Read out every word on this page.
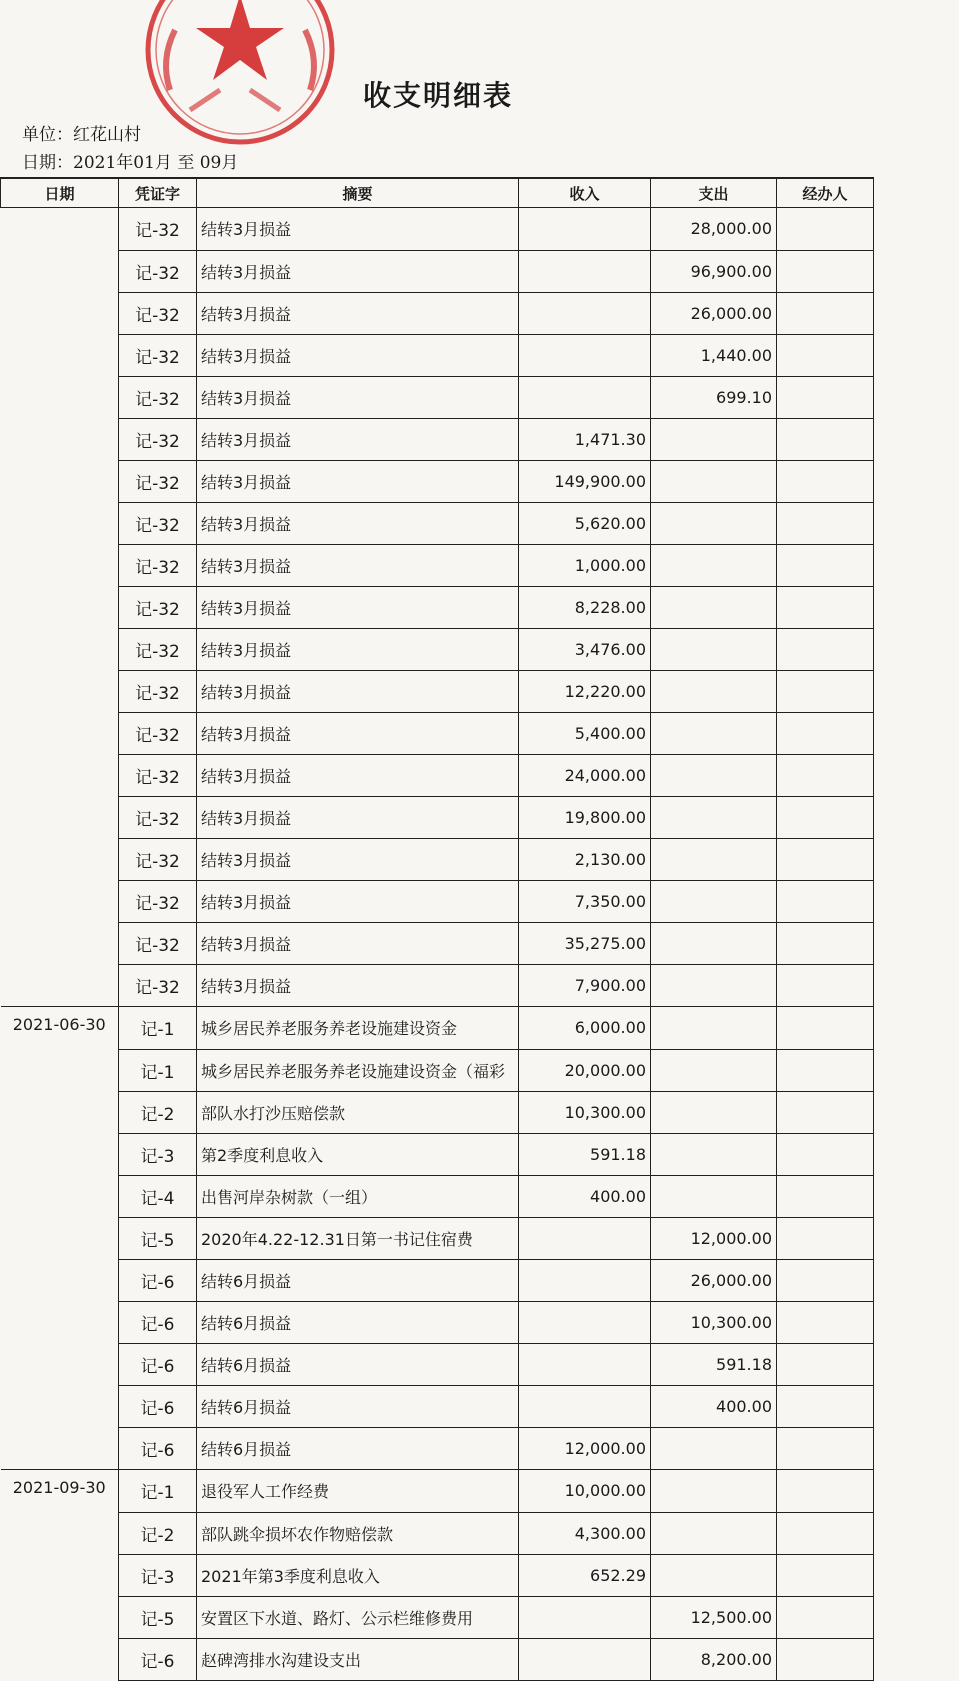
收支明细表
单位：红花山村
日期：2021年01月 至 09月
日期	凭证字	摘要	收入	支出	经办人
	记-32	结转3月损益		28,000.00	
	记-32	结转3月损益		96,900.00	
	记-32	结转3月损益		26,000.00	
	记-32	结转3月损益		1,440.00	
	记-32	结转3月损益		699.10	
	记-32	结转3月损益	1,471.30		
	记-32	结转3月损益	149,900.00		
	记-32	结转3月损益	5,620.00		
	记-32	结转3月损益	1,000.00		
	记-32	结转3月损益	8,228.00		
	记-32	结转3月损益	3,476.00		
	记-32	结转3月损益	12,220.00		
	记-32	结转3月损益	5,400.00		
	记-32	结转3月损益	24,000.00		
	记-32	结转3月损益	19,800.00		
	记-32	结转3月损益	2,130.00		
	记-32	结转3月损益	7,350.00		
	记-32	结转3月损益	35,275.00		
	记-32	结转3月损益	7,900.00		
2021-06-30	记-1	城乡居民养老服务养老设施建设资金	6,000.00		
	记-1	城乡居民养老服务养老设施建设资金（福彩	20,000.00		
	记-2	部队水打沙压赔偿款	10,300.00		
	记-3	第2季度利息收入	591.18		
	记-4	出售河岸杂树款（一组）	400.00		
	记-5	2020年4.22-12.31日第一书记住宿费		12,000.00	
	记-6	结转6月损益		26,000.00	
	记-6	结转6月损益		10,300.00	
	记-6	结转6月损益		591.18	
	记-6	结转6月损益		400.00	
	记-6	结转6月损益	12,000.00		
2021-09-30	记-1	退役军人工作经费	10,000.00		
	记-2	部队跳伞损坏农作物赔偿款	4,300.00		
	记-3	2021年第3季度利息收入	652.29		
	记-5	安置区下水道、路灯、公示栏维修费用		12,500.00	
	记-6	赵碑湾排水沟建设支出		8,200.00	
